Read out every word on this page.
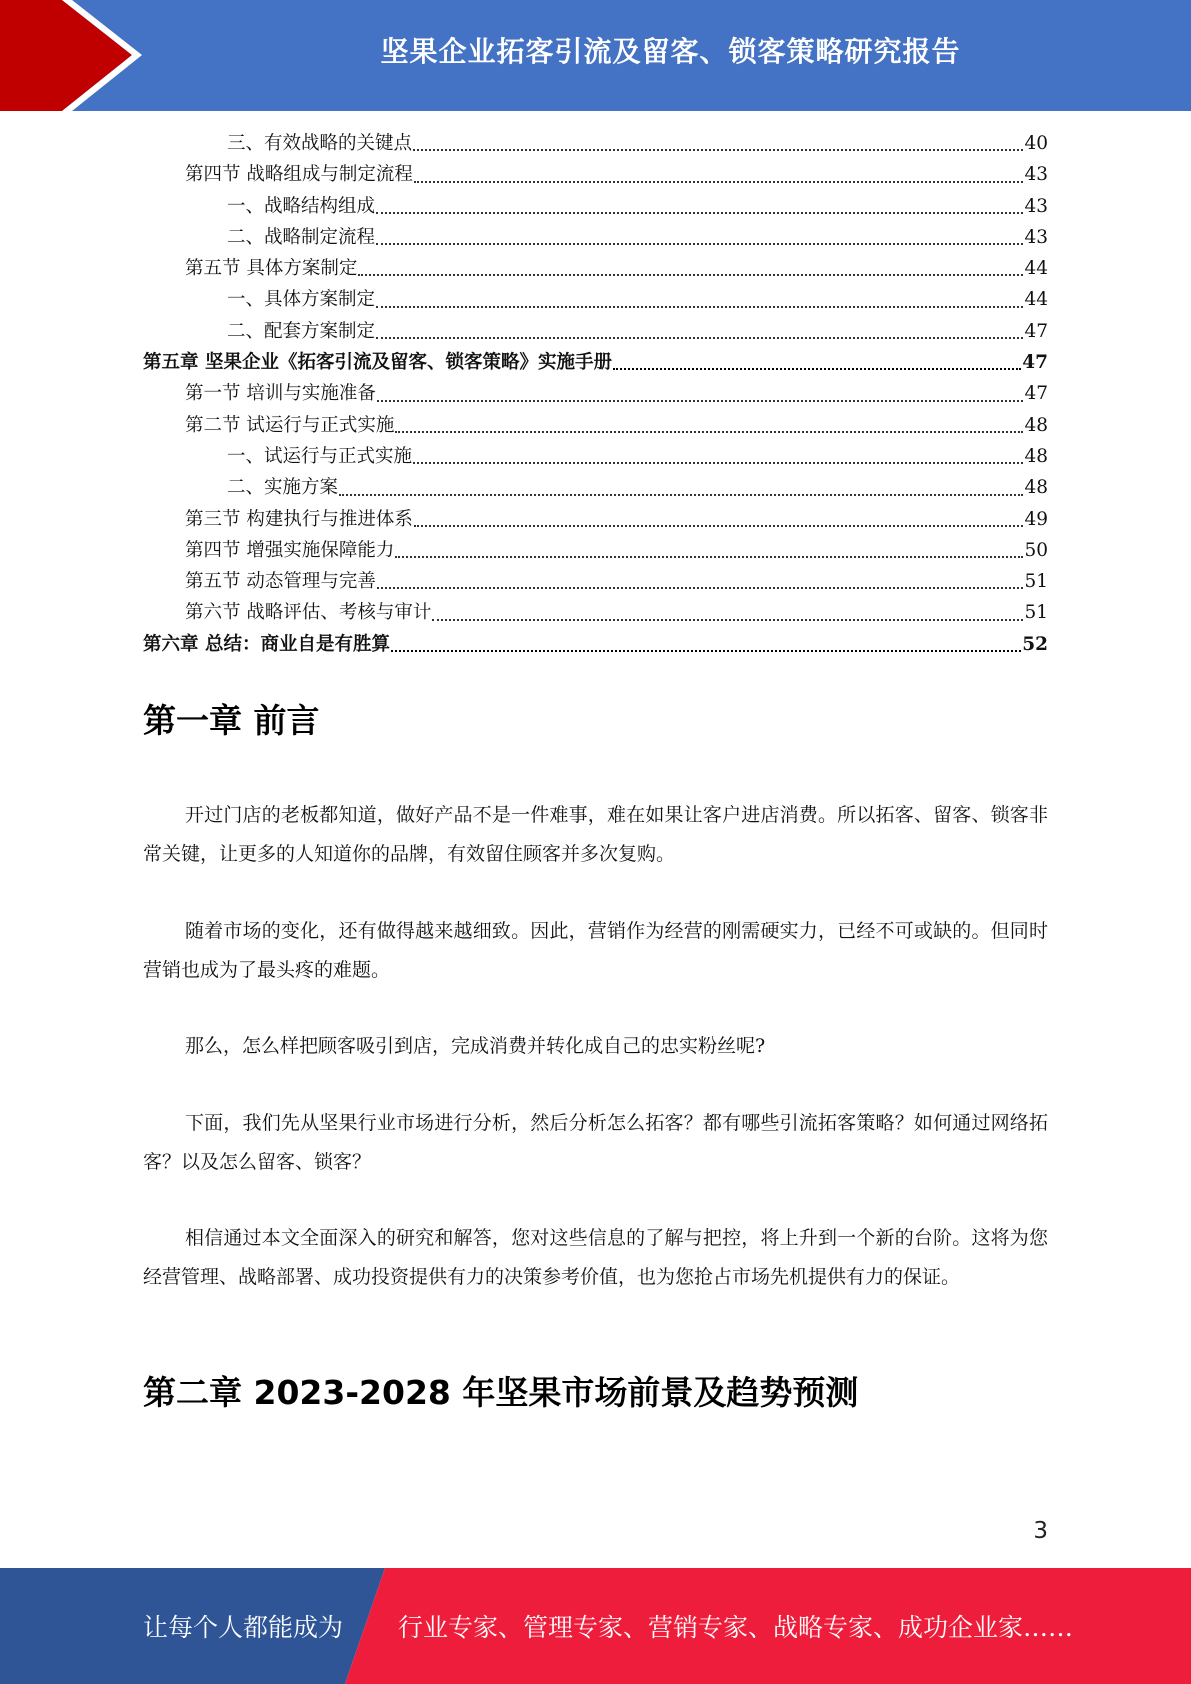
坚果企业拓客引流及留客、锁客策略研究报告
三、有效战略的关键点	40
第四节 战略组成与制定流程	43
一、战略结构组成	43
二、战略制定流程	43
第五节 具体方案制定	44
一、具体方案制定	44
二、配套方案制定	47
第五章 坚果企业《拓客引流及留客、锁客策略》实施手册	47
第一节 培训与实施准备	47
第二节 试运行与正式实施	48
一、试运行与正式实施	48
二、实施方案	48
第三节 构建执行与推进体系	49
第四节 增强实施保障能力	50
第五节 动态管理与完善	51
第六节 战略评估、考核与审计	51
第六章 总结：商业自是有胜算	52
第一章 前言

开过门店的老板都知道，做好产品不是一件难事，难在如果让客户进店消费。所以拓客、留客、锁客非常关键，让更多的人知道你的品牌，有效留住顾客并多次复购。

随着市场的变化，还有做得越来越细致。因此，营销作为经营的刚需硬实力，已经不可或缺的。但同时营销也成为了最头疼的难题。

那么，怎么样把顾客吸引到店，完成消费并转化成自己的忠实粉丝呢?

下面，我们先从坚果行业市场进行分析，然后分析怎么拓客？都有哪些引流拓客策略？如何通过网络拓客？以及怎么留客、锁客？

相信通过本文全面深入的研究和解答，您对这些信息的了解与把控，将上升到一个新的台阶。这将为您经营管理、战略部署、成功投资提供有力的决策参考价值，也为您抢占市场先机提供有力的保证。

第二章 2023-2028 年坚果市场前景及趋势预测
3
让每个人都能成为 行业专家、管理专家、营销专家、战略专家、成功企业家……
